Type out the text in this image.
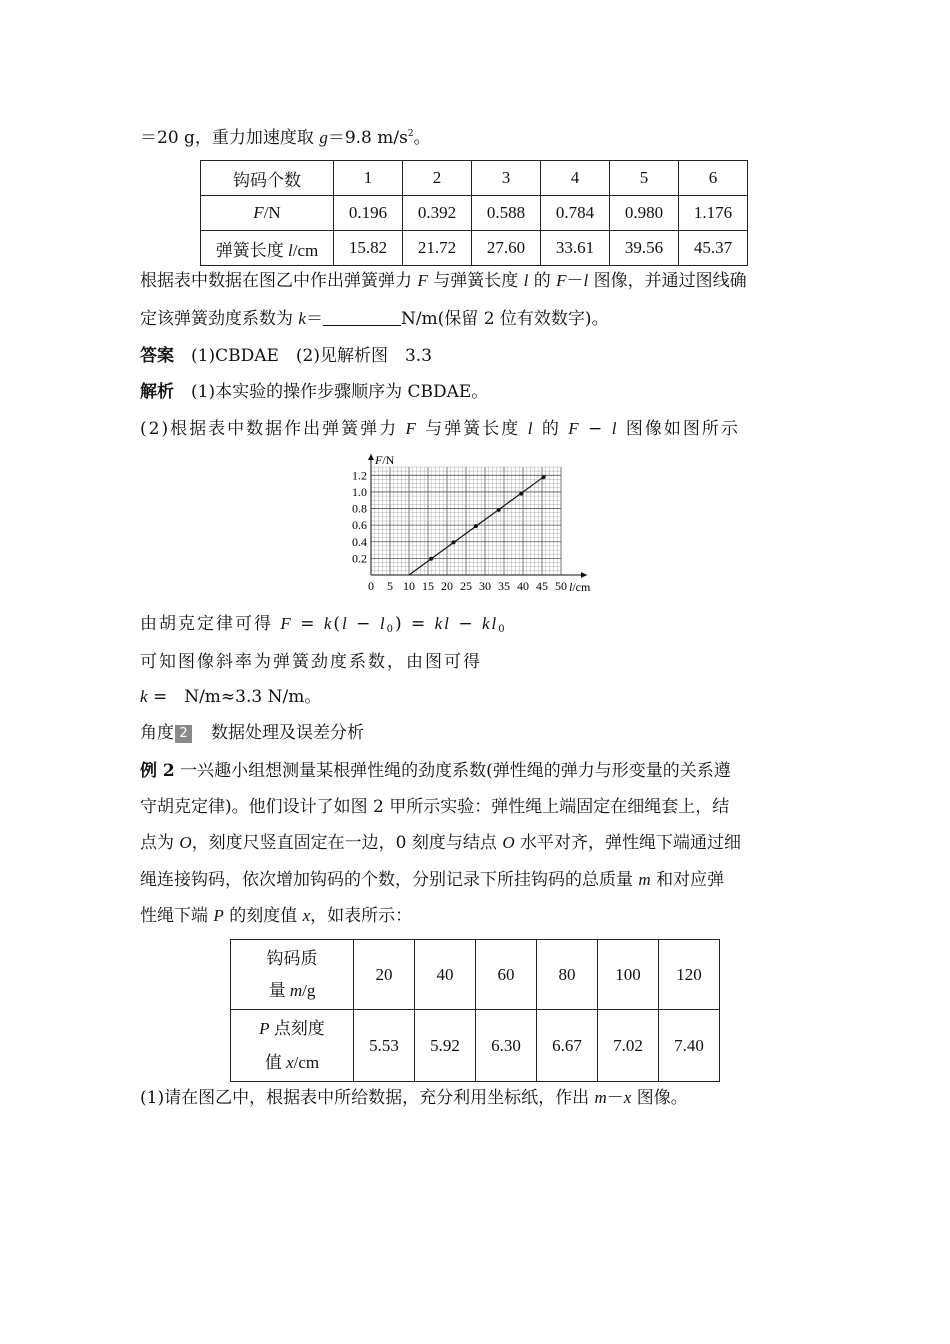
＝20 g，重力加速度取 g＝9.8 $m/s^2$。
钩码个数	1	2	3	4	5	6
F/N	0.196	0.392	0.588	0.784	0.980	1.176
弹簧长度 l/cm	15.82	21.72	27.60	33.61	39.56	45.37
根据表中数据在图乙中作出弹簧弹力 F 与弹簧长度 l 的 F－l 图像，并通过图线确
定该弹簧劲度系数为 k＝	N/m(保留 2 位有效数字)。
答案　 (1)CBDAE　(2)见解析图　3.3
解析　 (1)本实验的操作步骤顺序为 CBDAE。
(2)根据表中数据作出弹簧弹力 F 与弹簧长度 l 的 F − l 图像如图所示
0 5 10 15 20 25 30 35 40 45 50
0.2
0.4
0.6
0.8
1.0
1.2
l/cm
F/N
由胡克定律可得 $F = k(l - l_0)$ = kl − $kl_0$
可知图像斜率为弹簧劲度系数，由图可得
k =　N/m≈3.3 N/m。
角度 2　数据处理及误差分析
例 2 一兴趣小组想测量某根弹性绳的劲度系数(弹性绳的弹力与形变量的关系遵
守胡克定律)。他们设计了如图 2 甲所示实验：弹性绳上端固定在细绳套上，结
点为 O，刻度尺竖直固定在一边，0 刻度与结点 O 水平对齐，弹性绳下端通过细
绳连接钩码，依次增加钩码的个数，分别记录下所挂钩码的总质量 m 和对应弹
性绳下端 P 的刻度值 x，如表所示：
钩码质
量 m/g	20	40	60	80	100	120

P 点刻度
值 x/cm	5.53	5.92	6.30	6.67	7.02	7.40
(1)请在图乙中，根据表中所给数据，充分利用坐标纸，作出 m－x 图像。
